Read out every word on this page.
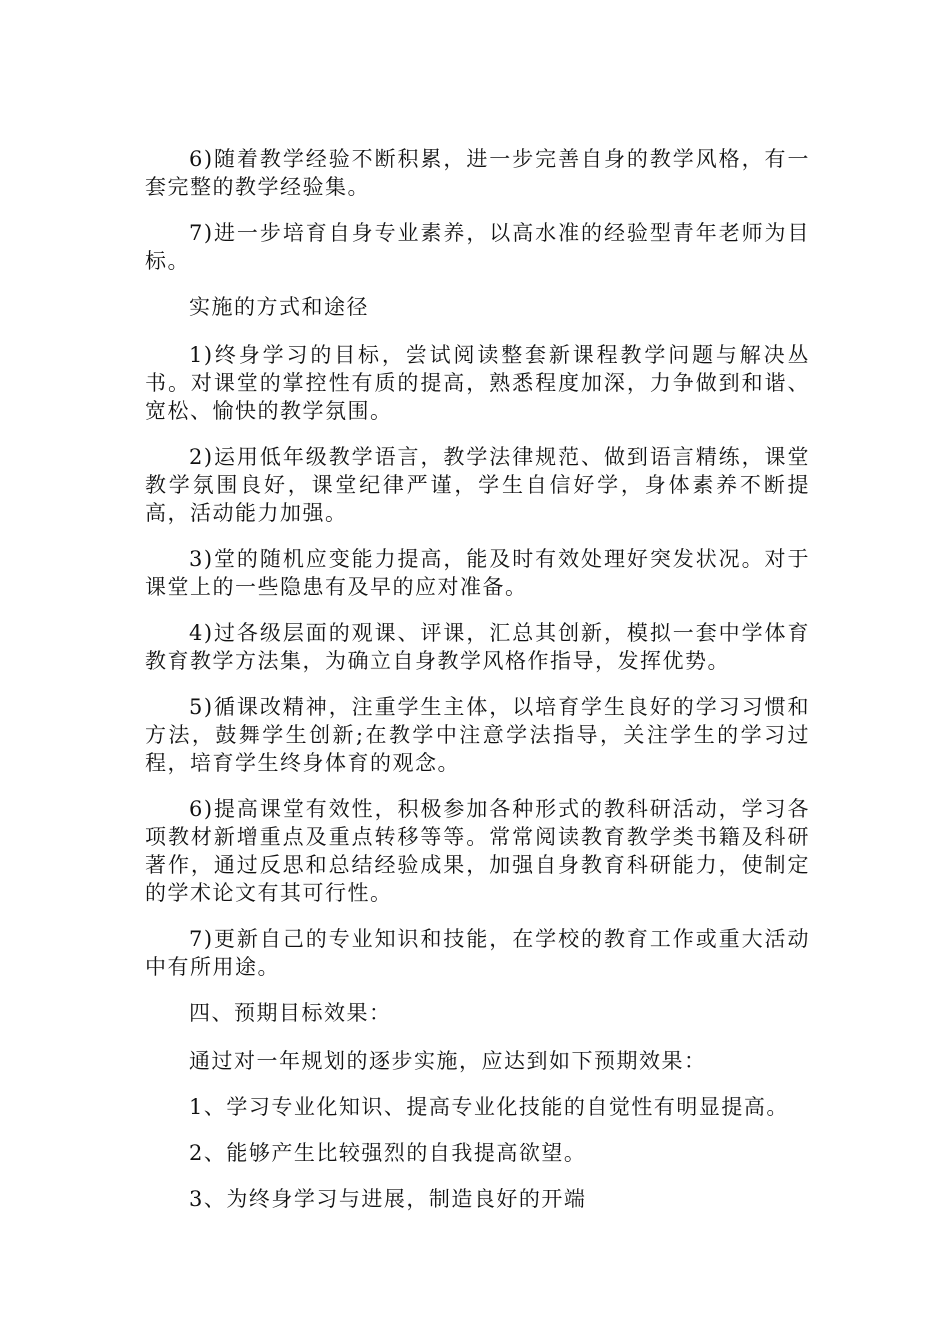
6)随着教学经验不断积累，进一步完善自身的教学风格，有一套完整的教学经验集。

7)进一步培育自身专业素养，以高水准的经验型青年老师为目标。

实施的方式和途径

1)终身学习的目标，尝试阅读整套新课程教学问题与解决丛书。对课堂的掌控性有质的提高，熟悉程度加深，力争做到和谐、宽松、愉快的教学氛围。

2)运用低年级教学语言，教学法律规范、做到语言精练，课堂教学氛围良好，课堂纪律严谨，学生自信好学，身体素养不断提高，活动能力加强。

3)堂的随机应变能力提高，能及时有效处理好突发状况。对于课堂上的一些隐患有及早的应对准备。

4)过各级层面的观课、评课，汇总其创新，模拟一套中学体育教育教学方法集，为确立自身教学风格作指导，发挥优势。

5)循课改精神，注重学生主体，以培育学生良好的学习习惯和方法，鼓舞学生创新;在教学中注意学法指导，关注学生的学习过程，培育学生终身体育的观念。

6)提高课堂有效性，积极参加各种形式的教科研活动，学习各项教材新增重点及重点转移等等。常常阅读教育教学类书籍及科研著作，通过反思和总结经验成果，加强自身教育科研能力，使制定的学术论文有其可行性。

7)更新自己的专业知识和技能，在学校的教育工作或重大活动中有所用途。

四、预期目标效果：

通过对一年规划的逐步实施，应达到如下预期效果：

1、学习专业化知识、提高专业化技能的自觉性有明显提高。

2、能够产生比较强烈的自我提高欲望。

3、为终身学习与进展，制造良好的开端
